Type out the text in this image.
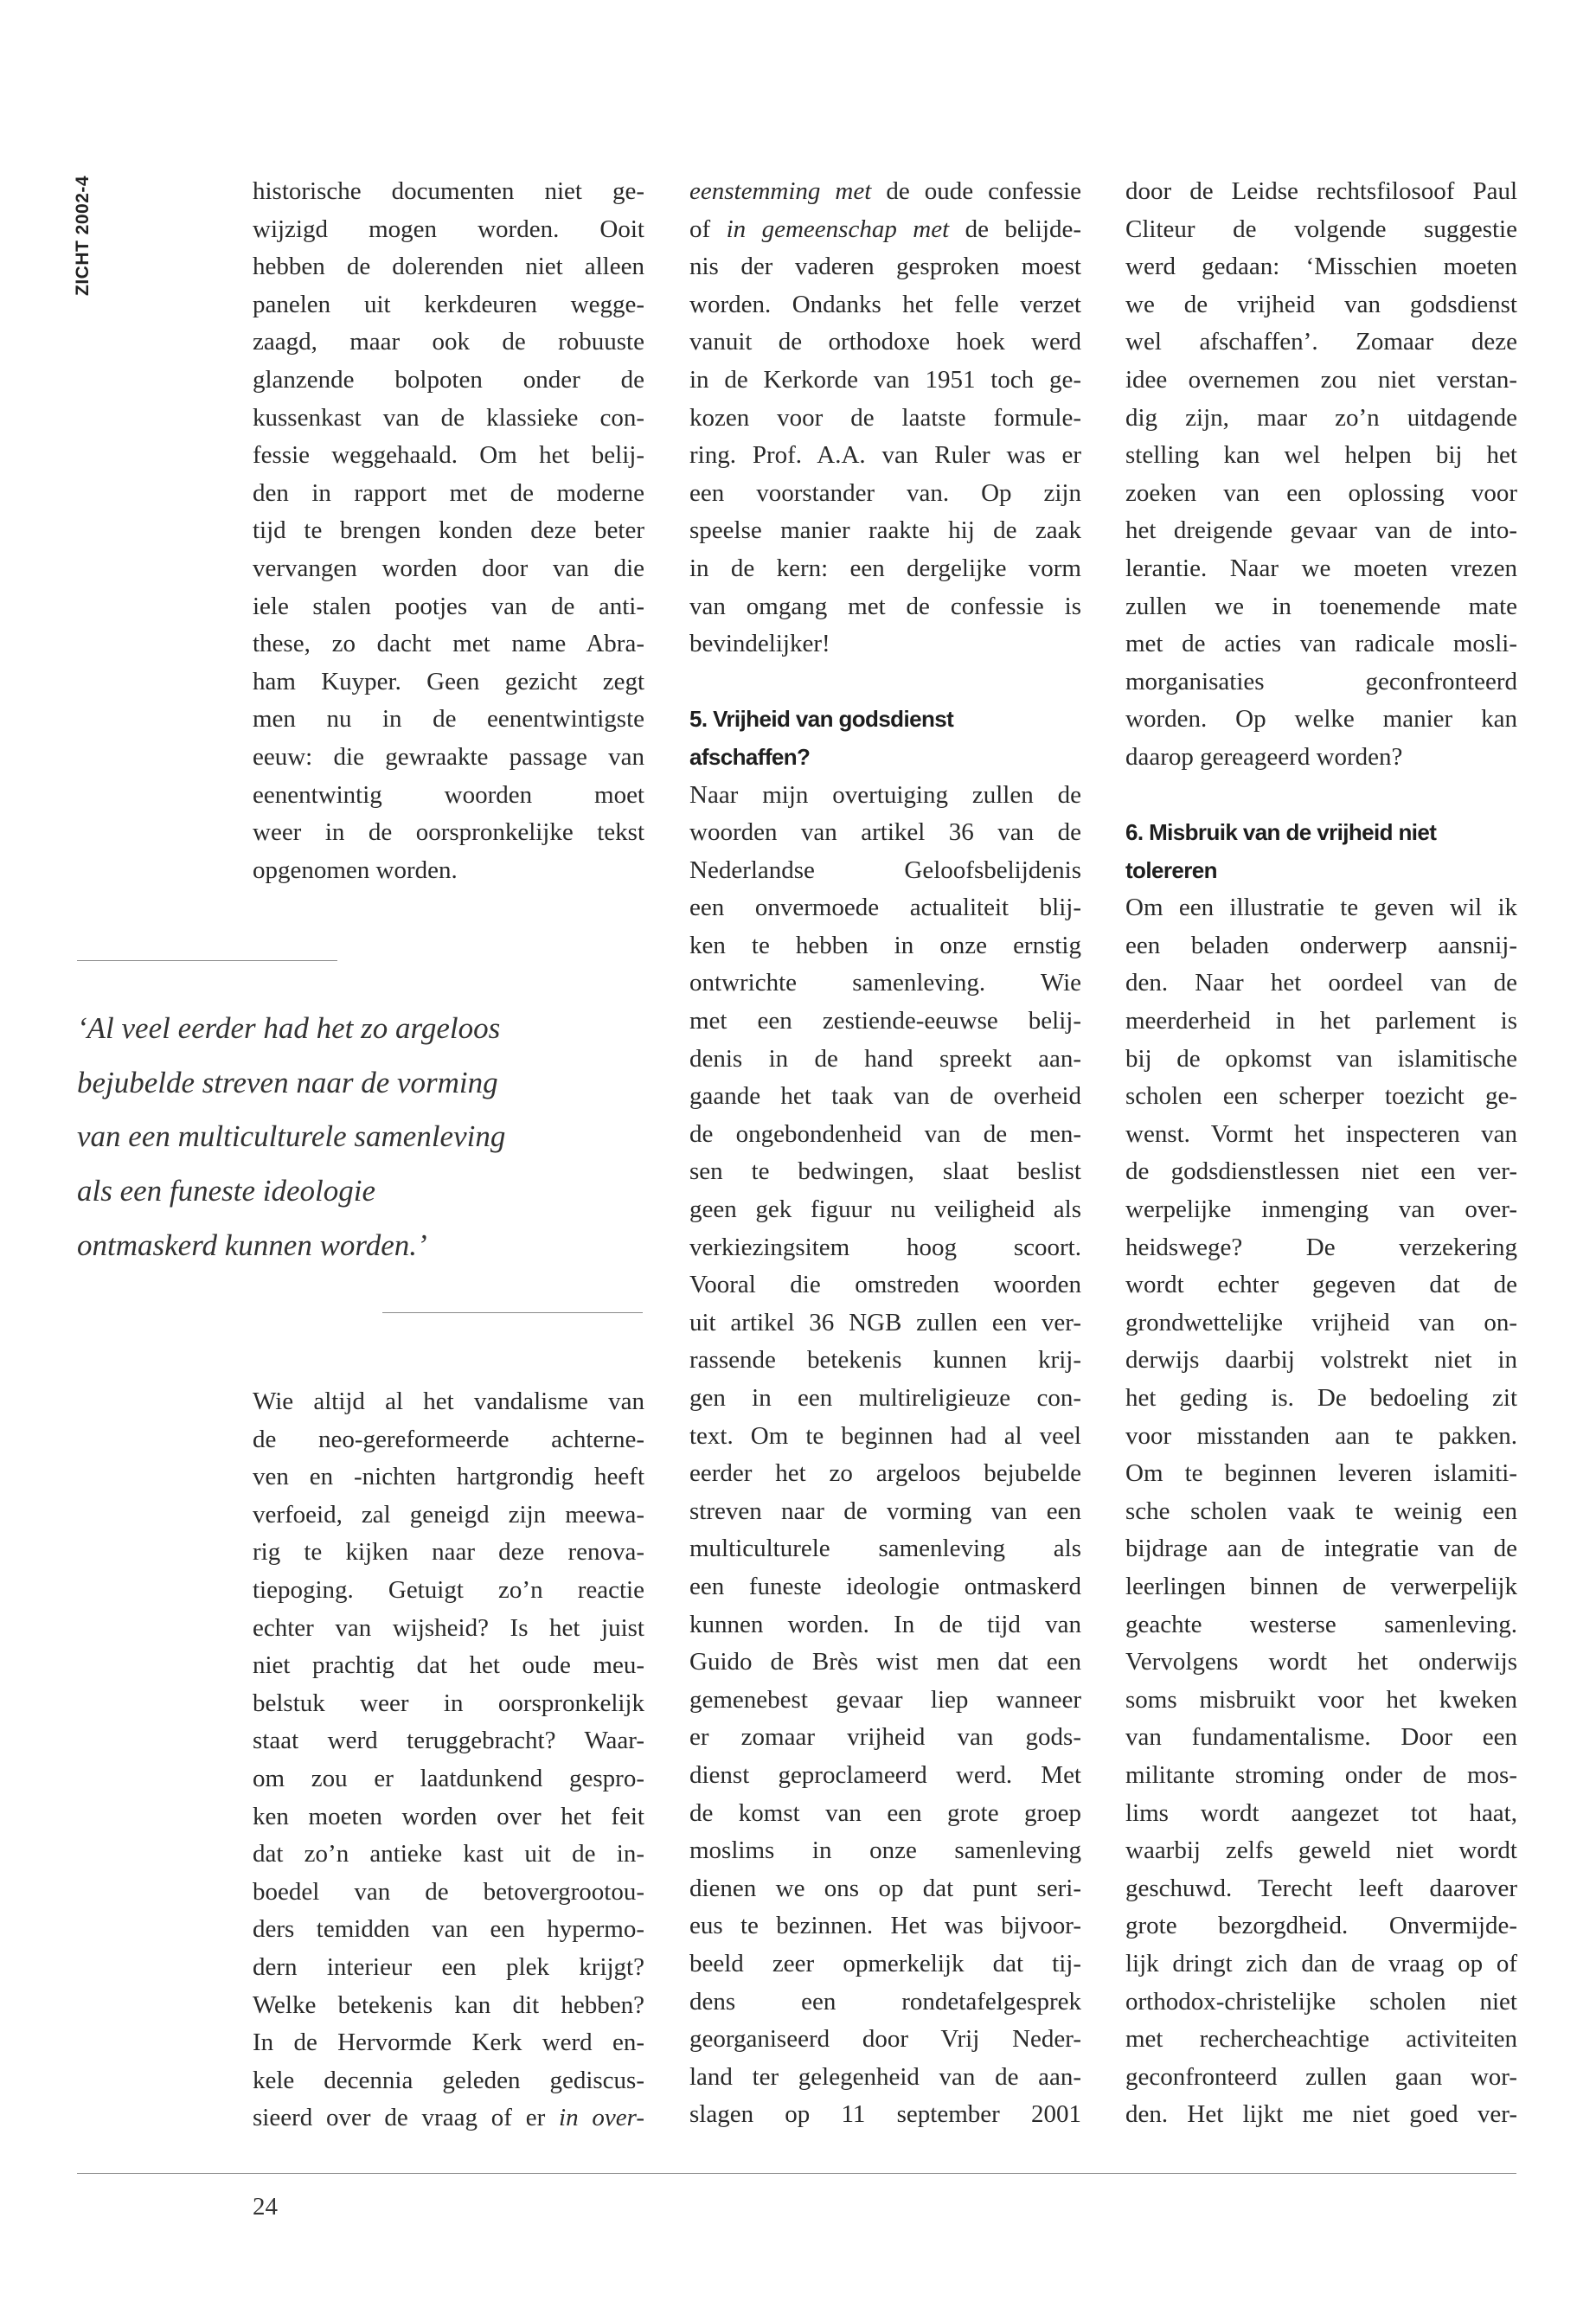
ZICHT 2002-4	historische documenten niet ge-
wijzigd mogen worden. Ooit
hebben de dolerenden niet alleen
panelen uit kerkdeuren wegge-
zaagd, maar ook de robuuste
glanzende bolpoten onder de
kussenkast van de klassieke con-
fessie weggehaald. Om het belij-
den in rapport met de moderne
tijd te brengen konden deze beter
vervangen worden door van die
iele stalen pootjes van de anti-
these, zo dacht met name Abra-
ham Kuyper. Geen gezicht zegt
men nu in de eenentwintigste
eeuw: die gewraakte passage van
eenentwintig woorden moet
weer in de oorspronkelijke tekst
opgenomen worden.
‘Al veel eerder had het zo argeloos
bejubelde streven naar de vorming
van een multiculturele samenleving
als een funeste ideologie
ontmaskerd kunnen worden.’
Wie altijd al het vandalisme van
de neo-gereformeerde achterne-
ven en -nichten hartgrondig heeft
verfoeid, zal geneigd zijn meewa-
rig te kijken naar deze renova-
tiepoging. Getuigt zo’n reactie
echter van wijsheid? Is het juist
niet prachtig dat het oude meu-
belstuk weer in oorspronkelijk
staat werd teruggebracht? Waar-
om zou er laatdunkend gespro-
ken moeten worden over het feit
dat zo’n antieke kast uit de in-
boedel van de betovergrootou-
ders temidden van een hypermo-
dern interieur een plek krijgt?
Welke betekenis kan dit hebben?
In de Hervormde Kerk werd en-
kele decennia geleden gediscus-
sieerd over de vraag of er in over-
eenstemming met de oude confessie
of in gemeenschap met de belijde-
nis der vaderen gesproken moest
worden. Ondanks het felle verzet
vanuit de orthodoxe hoek werd
in de Kerkorde van 1951 toch ge-
kozen voor de laatste formule-
ring. Prof. A.A. van Ruler was er
een voorstander van. Op zijn
speelse manier raakte hij de zaak
in de kern: een dergelijke vorm
van omgang met de confessie is
bevindelijker!
5. Vrijheid van godsdienst
afschaffen?
Naar mijn overtuiging zullen de
woorden van artikel 36 van de
Nederlandse Geloofsbelijdenis
een onvermoede actualiteit blij-
ken te hebben in onze ernstig
ontwrichte samenleving. Wie
met een zestiende-eeuwse belij-
denis in de hand spreekt aan-
gaande het taak van de overheid
de ongebondenheid van de men-
sen te bedwingen, slaat beslist
geen gek figuur nu veiligheid als
verkiezingsitem hoog scoort.
Vooral die omstreden woorden
uit artikel 36 NGB zullen een ver-
rassende betekenis kunnen krij-
gen in een multireligieuze con-
text. Om te beginnen had al veel
eerder het zo argeloos bejubelde
streven naar de vorming van een
multiculturele samenleving als
een funeste ideologie ontmaskerd
kunnen worden. In de tijd van
Guido de Brès wist men dat een
gemenebest gevaar liep wanneer
er zomaar vrijheid van gods-
dienst geproclameerd werd. Met
de komst van een grote groep
moslims in onze samenleving
dienen we ons op dat punt seri-
eus te bezinnen. Het was bijvoor-
beeld zeer opmerkelijk dat tij-
dens een rondetafelgesprek
georganiseerd door Vrij Neder-
land ter gelegenheid van de aan-
slagen op 11 september 2001
door de Leidse rechtsfilosoof Paul
Cliteur de volgende suggestie
werd gedaan: ‘Misschien moeten
we de vrijheid van godsdienst
wel afschaffen’. Zomaar deze
idee overnemen zou niet verstan-
dig zijn, maar zo’n uitdagende
stelling kan wel helpen bij het
zoeken van een oplossing voor
het dreigende gevaar van de into-
lerantie. Naar we moeten vrezen
zullen we in toenemende mate
met de acties van radicale mosli-
morganisaties geconfronteerd
worden. Op welke manier kan
daarop gereageerd worden?
6. Misbruik van de vrijheid niet
tolereren
Om een illustratie te geven wil ik
een beladen onderwerp aansnij-
den. Naar het oordeel van de
meerderheid in het parlement is
bij de opkomst van islamitische
scholen een scherper toezicht ge-
wenst. Vormt het inspecteren van
de godsdienstlessen niet een ver-
werpelijke inmenging van over-
heidswege? De verzekering
wordt echter gegeven dat de
grondwettelijke vrijheid van on-
derwijs daarbij volstrekt niet in
het geding is. De bedoeling zit
voor misstanden aan te pakken.
Om te beginnen leveren islamiti-
sche scholen vaak te weinig een
bijdrage aan de integratie van de
leerlingen binnen de verwerpelijk
geachte westerse samenleving.
Vervolgens wordt het onderwijs
soms misbruikt voor het kweken
van fundamentalisme. Door een
militante stroming onder de mos-
lims wordt aangezet tot haat,
waarbij zelfs geweld niet wordt
geschuwd. Terecht leeft daarover
grote bezorgdheid. Onvermijde-
lijk dringt zich dan de vraag op of
orthodox-christelijke scholen niet
met rechercheachtige activiteiten
geconfronteerd zullen gaan wor-
den. Het lijkt me niet goed ver-
24
